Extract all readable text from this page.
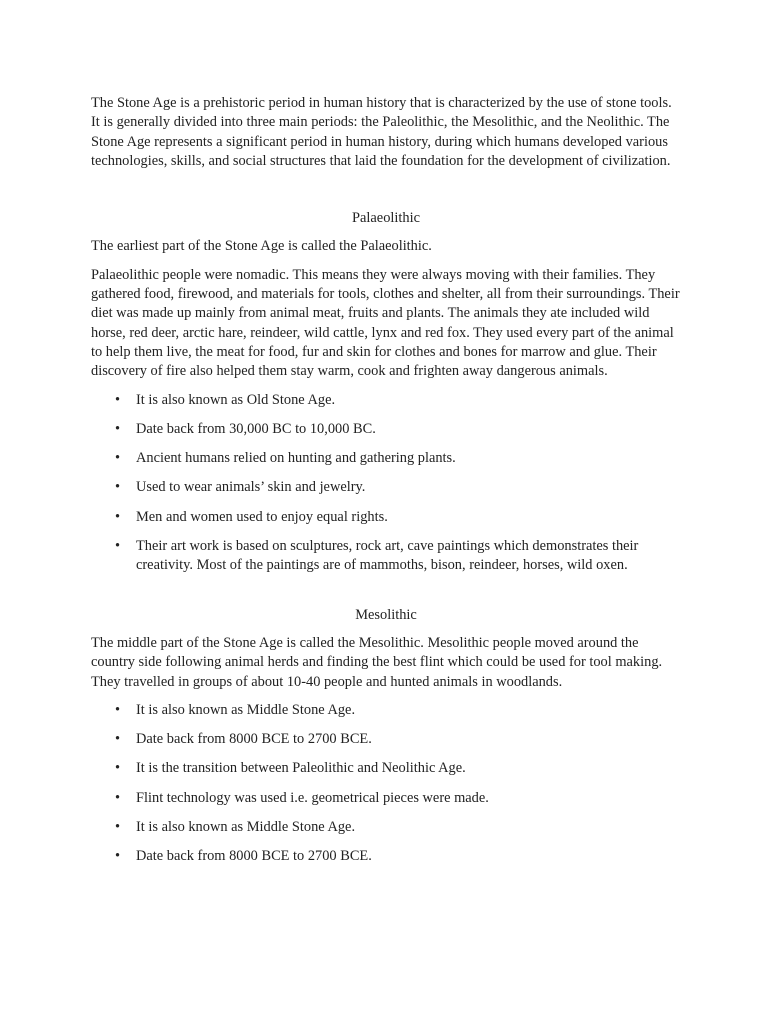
The Stone Age is a prehistoric period in human history that is characterized by the use of stone tools. It is generally divided into three main periods: the Paleolithic, the Mesolithic, and the Neolithic. The Stone Age represents a significant period in human history, during which humans developed various technologies, skills, and social structures that laid the foundation for the development of civilization.

Palaeolithic

The earliest part of the Stone Age is called the Palaeolithic.

Palaeolithic people were nomadic. This means they were always moving with their families. They gathered food, firewood, and materials for tools, clothes and shelter, all from their surroundings. Their diet was made up mainly from animal meat, fruits and plants. The animals they ate included wild horse, red deer, arctic hare, reindeer, wild cattle, lynx and red fox. They used every part of the animal to help them live, the meat for food, fur and skin for clothes and bones for marrow and glue. Their discovery of fire also helped them stay warm, cook and frighten away dangerous animals.

• It is also known as Old Stone Age.
• Date back from 30,000 BC to 10,000 BC.
• Ancient humans relied on hunting and gathering plants.
• Used to wear animals’ skin and jewelry.
• Men and women used to enjoy equal rights.
• Their art work is based on sculptures, rock art, cave paintings which demonstrates their creativity. Most of the paintings are of mammoths, bison, reindeer, horses, wild oxen.

Mesolithic

The middle part of the Stone Age is called the Mesolithic. Mesolithic people moved around the country side following animal herds and finding the best flint which could be used for tool making. They travelled in groups of about 10-40 people and hunted animals in woodlands.

• It is also known as Middle Stone Age.
• Date back from 8000 BCE to 2700 BCE.
• It is the transition between Paleolithic and Neolithic Age.
• Flint technology was used i.e. geometrical pieces were made.
• It is also known as Middle Stone Age.
• Date back from 8000 BCE to 2700 BCE.
